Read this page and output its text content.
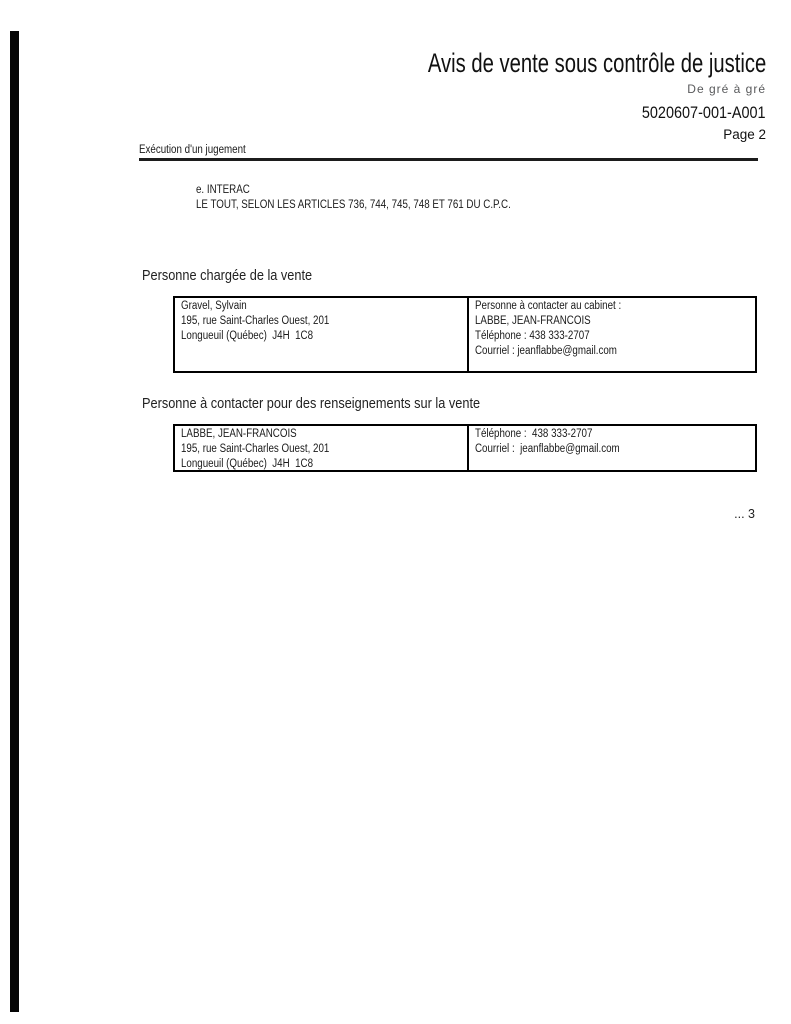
Avis de vente sous contrôle de justice
De gré à gré
5020607-001-A001
Page 2
Exécution d'un jugement
e. INTERAC
LE TOUT, SELON LES ARTICLES 736, 744, 745, 748 ET 761 DU C.P.C.
Personne chargée de la vente
Gravel, Sylvain
195, rue Saint-Charles Ouest, 201
Longueuil (Québec)  J4H  1C8
Personne à contacter au cabinet :
LABBE, JEAN-FRANCOIS
Téléphone : 438 333-2707
Courriel : jeanflabbe@gmail.com
Personne à contacter pour des renseignements sur la vente
LABBE, JEAN-FRANCOIS
195, rue Saint-Charles Ouest, 201
Longueuil (Québec)  J4H  1C8
Téléphone :  438 333-2707
Courriel :  jeanflabbe@gmail.com
... 3
